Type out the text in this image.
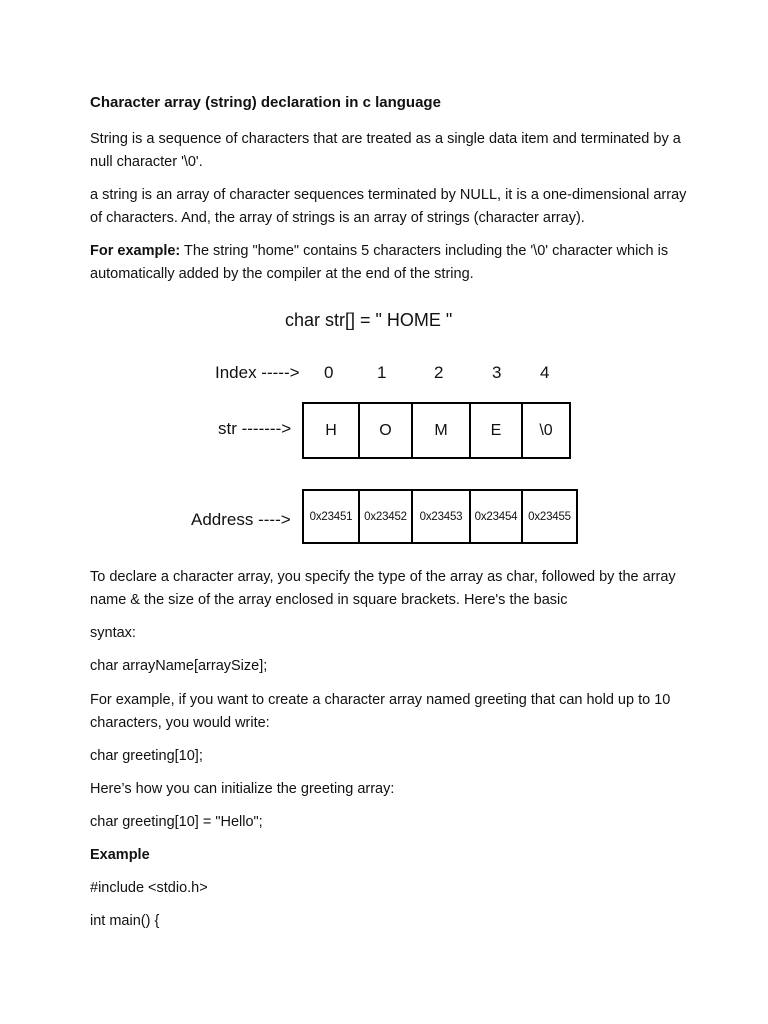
Character array (string) declaration in c language

String is a sequence of characters that are treated as a single data item and terminated by a null character '\0'.

a string is an array of character sequences terminated by NULL, it is a one-dimensional array of characters. And, the array of strings is an array of strings (character array).

For example: The string "home" contains 5 characters including the '\0' character which is automatically added by the compiler at the end of the string.

char str[] = " HOME "
Index -----> 0	1	2	3 4
str ------->	H	O	M	E	\0
Address ---->	0x23451	0x23452	0x23453	0x23454 0x23455

To declare a character array, you specify the type of the array as char, followed by the array name & the size of the array enclosed in square brackets. Here's the basic

syntax:

char arrayName[arraySize];

For example, if you want to create a character array named greeting that can hold up to 10 characters, you would write:

char greeting[10];

Here’s how you can initialize the greeting array:

char greeting[10] = "Hello";

Example

#include <stdio.h>

int main() {
